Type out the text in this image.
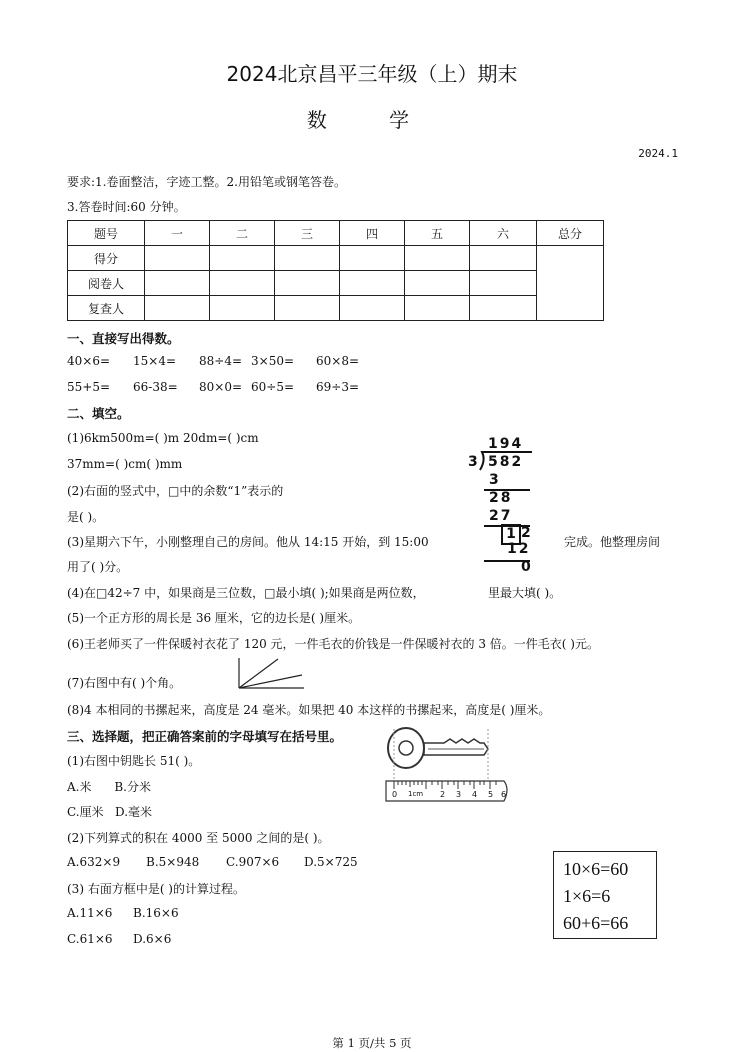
2024北京昌平三年级（上）期末
数 学
2024.1
要求:1.卷面整洁，字迹工整。2.用铅笔或钢笔答卷。
3.答卷时间:60 分钟。
题号	一	二	三	四	五	六	总分
得分							
阅卷人							
复查人							
一、直接写出得数。
40×6= 15×4= 88÷4= 3×50= 60×8=
55+5= 66-38= 80×0= 60÷5= 69÷3=
二、填空。
(1)6km500m=( )m 20dm=( )cm
37mm=( )cm( )mm
(2)右面的竖式中，□中的余数“1”表示的
是( )。
(3)星期六下午，小刚整理自己的房间。他从 14:15 开始，到 15:00	完成。他整理房间
用了( )分。
(4)在□42÷7 中，如果商是三位数，□最小填( );如果商是两位数，	里最大填( )。
(5)一个正方形的周长是 36 厘米，它的边长是( )厘米。
(6)王老师买了一件保暖衬衣花了 120 元，一件毛衣的价钱是一件保暖衬衣的 3 倍。一件毛衣( )元。
(7)右图中有( )个角。
(8)4 本相同的书摞起来，高度是 24 毫米。如果把 40 本这样的书摞起来，高度是( )厘米。
194
3 582
3
28
27
1 2
12
0
三、选择题，把正确答案前的字母填写在括号里。
(1)右图中钥匙长 51( )。
A.米      B.分米
C.厘米   D.毫米
(2)下列算式的积在 4000 至 5000 之间的是( )。
A.632×9 B.5×948 C.907×6 D.5×725
(3) 右面方框中是( )的计算过程。
A.11×6 B.16×6
C.61×6 D.6×6
0 1cm 2 3 4 5 6
10×6=60
1×6=6
60+6=66
第 1 页/共 5 页
